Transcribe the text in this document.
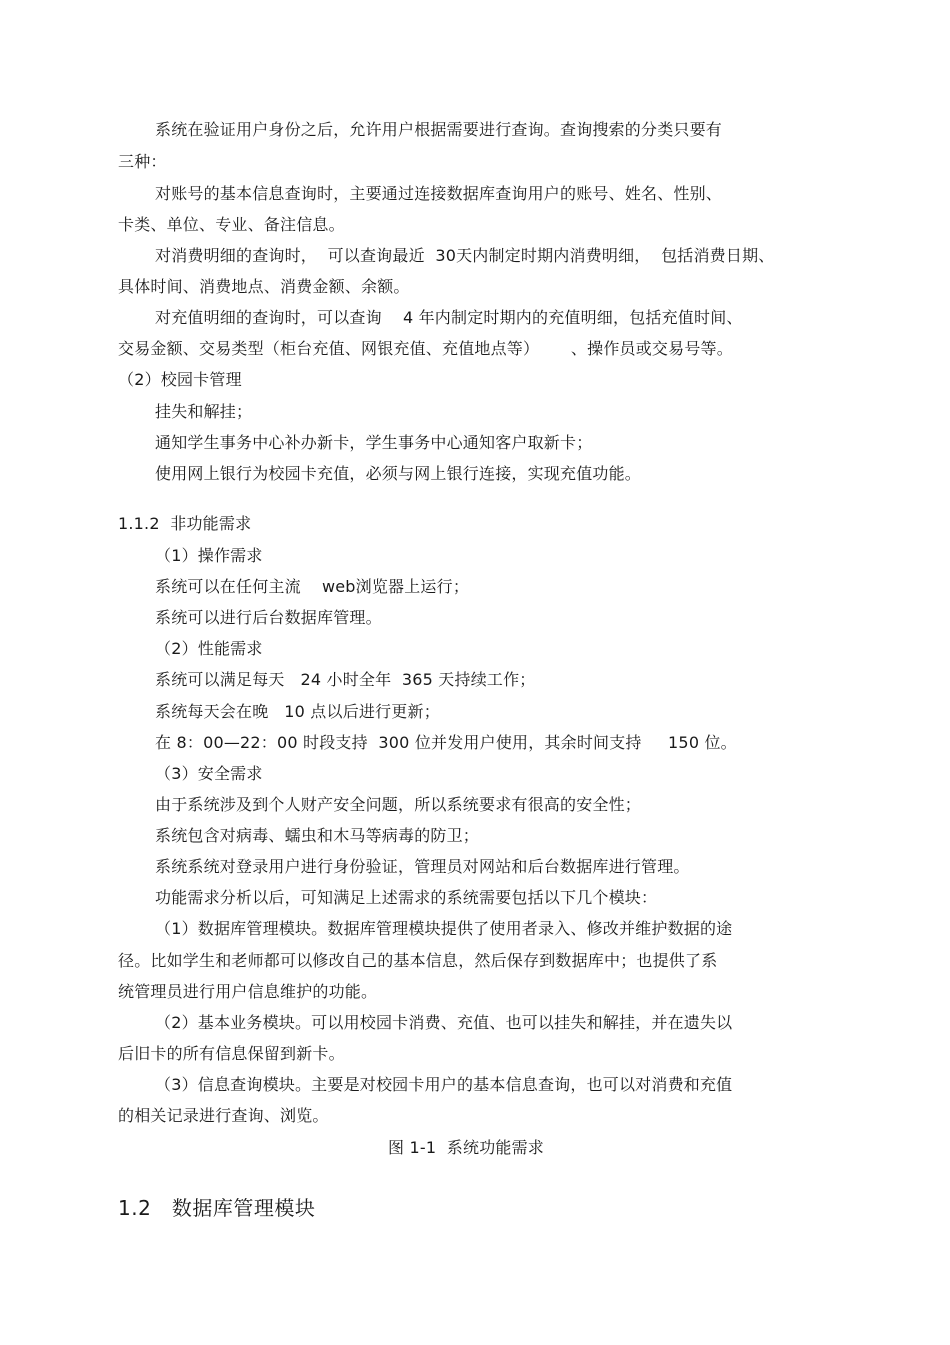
系统在验证用户身份之后，允许用户根据需要进行查询。查询搜索的分类只要有
三种：
对账号的基本信息查询时，主要通过连接数据库查询用户的账号、姓名、性别、
卡类、单位、专业、备注信息。
对消费明细的查询时，  可以查询最近  30天内制定时期内消费明细，  包括消费日期、
具体时间、消费地点、消费金额、余额。
对充值明细的查询时，可以查询    4 年内制定时期内的充值明细，包括充值时间、
交易金额、交易类型（柜台充值、网银充值、充值地点等）      、操作员或交易号等。
（2）校园卡管理
挂失和解挂；
通知学生事务中心补办新卡，学生事务中心通知客户取新卡；
使用网上银行为校园卡充值，必须与网上银行连接，实现充值功能。
1.1.2  非功能需求
（1）操作需求
系统可以在任何主流    web浏览器上运行；
系统可以进行后台数据库管理。
（2）性能需求
系统可以满足每天   24 小时全年  365 天持续工作；
系统每天会在晚   10 点以后进行更新；
在 8：00—22：00 时段支持  300 位并发用户使用，其余时间支持     150 位。
（3）安全需求
由于系统涉及到个人财产安全问题，所以系统要求有很高的安全性；
系统包含对病毒、蠕虫和木马等病毒的防卫；
系统系统对登录用户进行身份验证，管理员对网站和后台数据库进行管理。
功能需求分析以后，可知满足上述需求的系统需要包括以下几个模块：
（1）数据库管理模块。数据库管理模块提供了使用者录入、修改并维护数据的途
径。比如学生和老师都可以修改自己的基本信息，然后保存到数据库中；也提供了系
统管理员进行用户信息维护的功能。
（2）基本业务模块。可以用校园卡消费、充值、也可以挂失和解挂，并在遗失以
后旧卡的所有信息保留到新卡。
（3）信息查询模块。主要是对校园卡用户的基本信息查询，也可以对消费和充值
的相关记录进行查询、浏览。
图 1-1  系统功能需求
1.2   数据库管理模块
